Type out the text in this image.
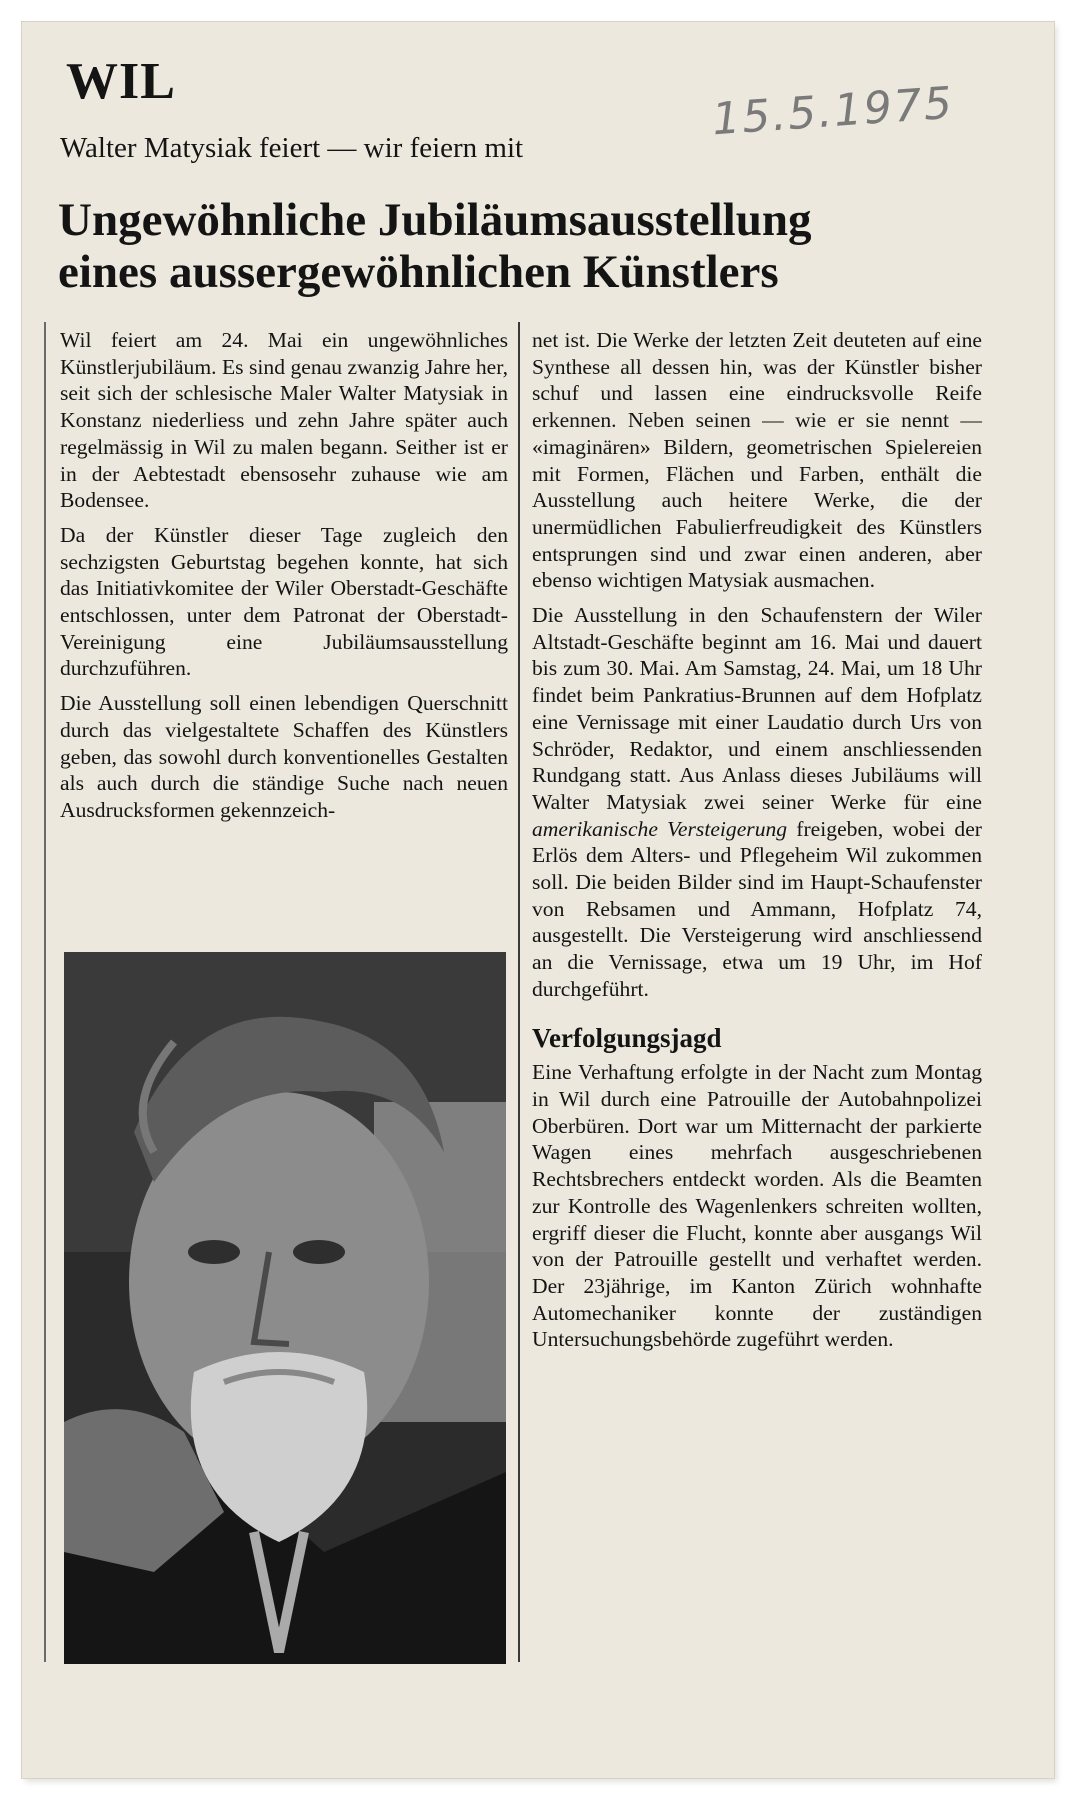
WIL	15.5.1975
Walter Matysiak feiert — wir feiern mit
Ungewöhnliche Jubiläumsausstellung
eines aussergewöhnlichen Künstlers

Wil feiert am 24. Mai ein ungewöhnliches Künstlerjubiläum. Es sind genau zwanzig Jahre her, seit sich der schlesische Maler Walter Matysiak in Konstanz niederliess und zehn Jahre später auch regelmässig in Wil zu malen begann. Seither ist er in der Aebtestadt ebensosehr zuhause wie am Bodensee.

Da der Künstler dieser Tage zugleich den sechzigsten Geburtstag begehen konnte, hat sich das Initiativkomitee der Wiler Oberstadt-Geschäfte entschlossen, unter dem Patronat der Oberstadt-Vereinigung eine Jubiläumsausstellung durchzuführen.

Die Ausstellung soll einen lebendigen Querschnitt durch das vielgestaltete Schaffen des Künstlers geben, das sowohl durch konventionelles Gestalten als auch durch die ständige Suche nach neuen Ausdrucksformen gekennzeich-

net ist. Die Werke der letzten Zeit deuteten auf eine Synthese all dessen hin, was der Künstler bisher schuf und lassen eine eindrucksvolle Reife erkennen. Neben seinen — wie er sie nennt — «imaginären» Bildern, geometrischen Spielereien mit Formen, Flächen und Farben, enthält die Ausstellung auch heitere Werke, die der unermüdlichen Fabulierfreudigkeit des Künstlers entsprungen sind und zwar einen anderen, aber ebenso wichtigen Matysiak ausmachen.

Die Ausstellung in den Schaufenstern der Wiler Altstadt-Geschäfte beginnt am 16. Mai und dauert bis zum 30. Mai. Am Samstag, 24. Mai, um 18 Uhr findet beim Pankratius-Brunnen auf dem Hofplatz eine Vernissage mit einer Laudatio durch Urs von Schröder, Redaktor, und einem anschliessenden Rundgang statt. Aus Anlass dieses Jubiläums will Walter Matysiak zwei seiner Werke für eine amerikanische Versteigerung freigeben, wobei der Erlös dem Alters- und Pflegeheim Wil zukommen soll. Die beiden Bilder sind im Haupt-Schaufenster von Rebsamen und Ammann, Hofplatz 74, ausgestellt. Die Versteigerung wird anschliessend an die Vernissage, etwa um 19 Uhr, im Hof durchgeführt.

Verfolgungsjagd

Eine Verhaftung erfolgte in der Nacht zum Montag in Wil durch eine Patrouille der Autobahnpolizei Oberbüren. Dort war um Mitternacht der parkierte Wagen eines mehrfach ausgeschriebenen Rechtsbrechers entdeckt worden. Als die Beamten zur Kontrolle des Wagenlenkers schreiten wollten, ergriff dieser die Flucht, konnte aber ausgangs Wil von der Patrouille gestellt und verhaftet werden. Der 23jährige, im Kanton Zürich wohnhafte Automechaniker konnte der zuständigen Untersuchungsbehörde zugeführt werden.
